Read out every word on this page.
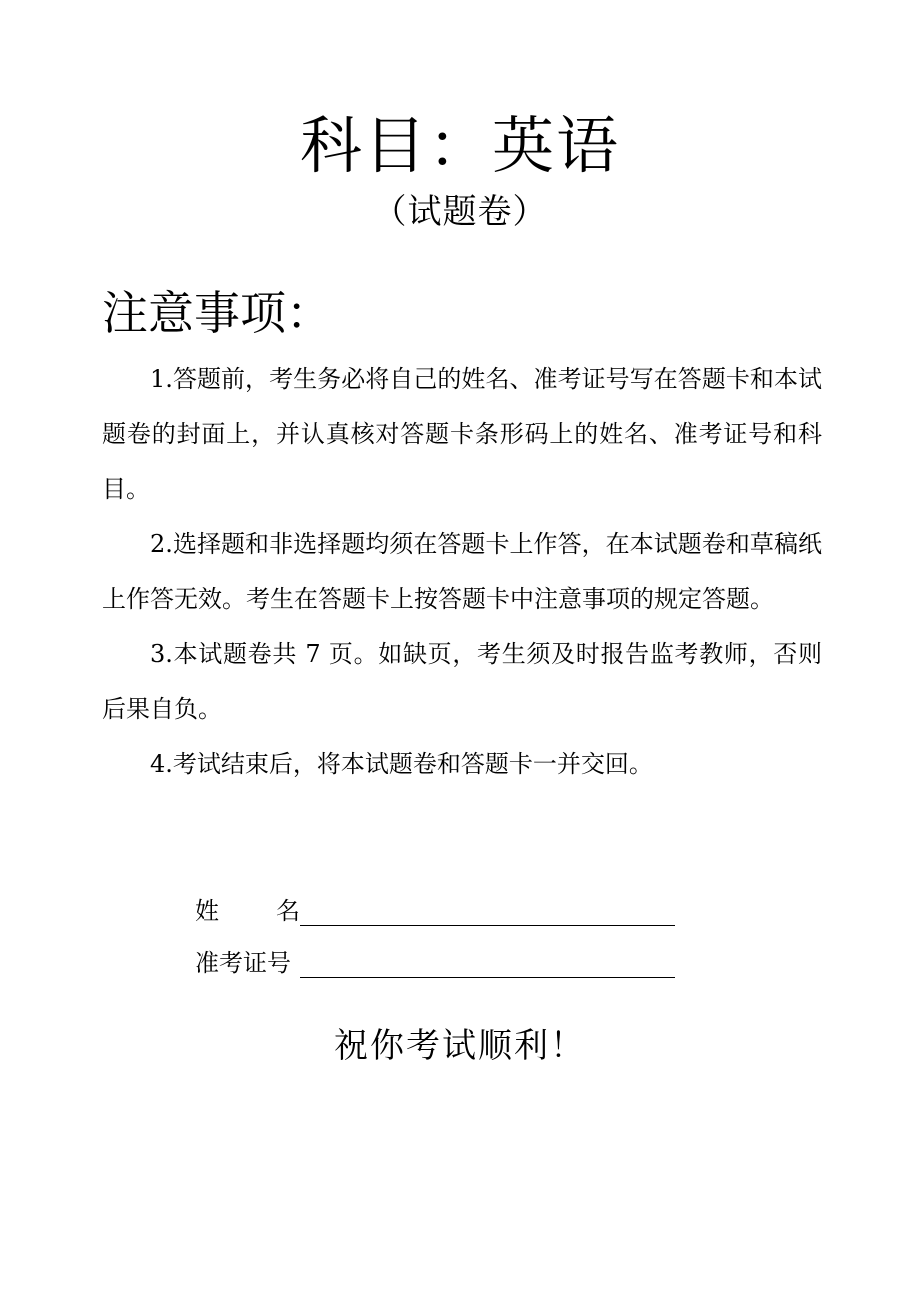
科目：英语
（试题卷）
注意事项：

1.答题前，考生务必将自己的姓名、准考证号写在答题卡和本试题卷的封面上，并认真核对答题卡条形码上的姓名、准考证号和科目。

2.选择题和非选择题均须在答题卡上作答，在本试题卷和草稿纸上作答无效。考生在答题卡上按答题卡中注意事项的规定答题。

3.本试题卷共 7 页。如缺页，考生须及时报告监考教师，否则后果自负。

4.考试结束后，将本试题卷和答题卡一并交回。

姓 名
准考证号
祝你考试顺利！
